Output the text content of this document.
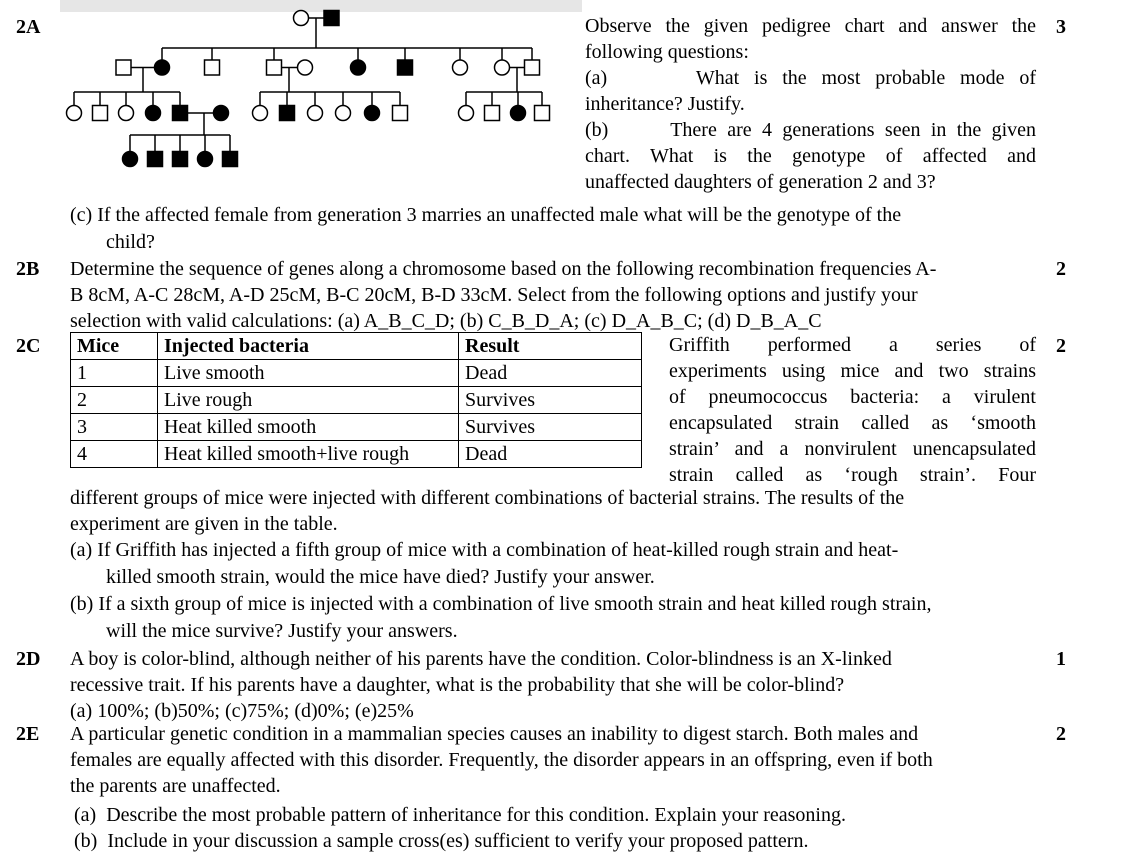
2A	3
Observe the given pedigree chart and answer the
following questions:
(a)      What is the most probable mode of
inheritance? Justify.
(b)      There are 4 generations seen in the given
chart. What is the genotype of affected and
unaffected daughters of generation 2 and 3?
(c) If the affected female from generation 3 marries an unaffected male what will be the genotype of the
child?
2B	2
Determine the sequence of genes along a chromosome based on the following recombination frequencies A-
B 8cM, A-C 28cM, A-D 25cM, B-C 20cM, B-D 33cM. Select from the following options and justify your
selection with valid calculations: (a) A_B_C_D; (b) C_B_D_A; (c) D_A_B_C; (d) D_B_A_C
2C	2
Mice	Injected bacteria	Result
1	Live smooth	Dead
2	Live rough	Survives
3	Heat killed smooth	Survives
4	Heat killed smooth+live rough	Dead
Griffith    performed    a    series    of
experiments using mice and two strains
of pneumococcus bacteria: a virulent
encapsulated strain called as ‘smooth
strain’ and a nonvirulent unencapsulated
strain called as ‘rough strain’. Four
different groups of mice were injected with different combinations of bacterial strains. The results of the
experiment are given in the table.
(a) If Griffith has injected a fifth group of mice with a combination of heat-killed rough strain and heat-
killed smooth strain, would the mice have died? Justify your answer.
(b) If a sixth group of mice is injected with a combination of live smooth strain and heat killed rough strain,
will the mice survive? Justify your answers.
2D	1
A boy is color-blind, although neither of his parents have the condition. Color-blindness is an X-linked
recessive trait. If his parents have a daughter, what is the probability that she will be color-blind?
(a) 100%; (b)50%; (c)75%; (d)0%; (e)25%
2E	2
A particular genetic condition in a mammalian species causes an inability to digest starch. Both males and
females are equally affected with this disorder. Frequently, the disorder appears in an offspring, even if both
the parents are unaffected.
(a)  Describe the most probable pattern of inheritance for this condition. Explain your reasoning.
(b)  Include in your discussion a sample cross(es) sufficient to verify your proposed pattern.
